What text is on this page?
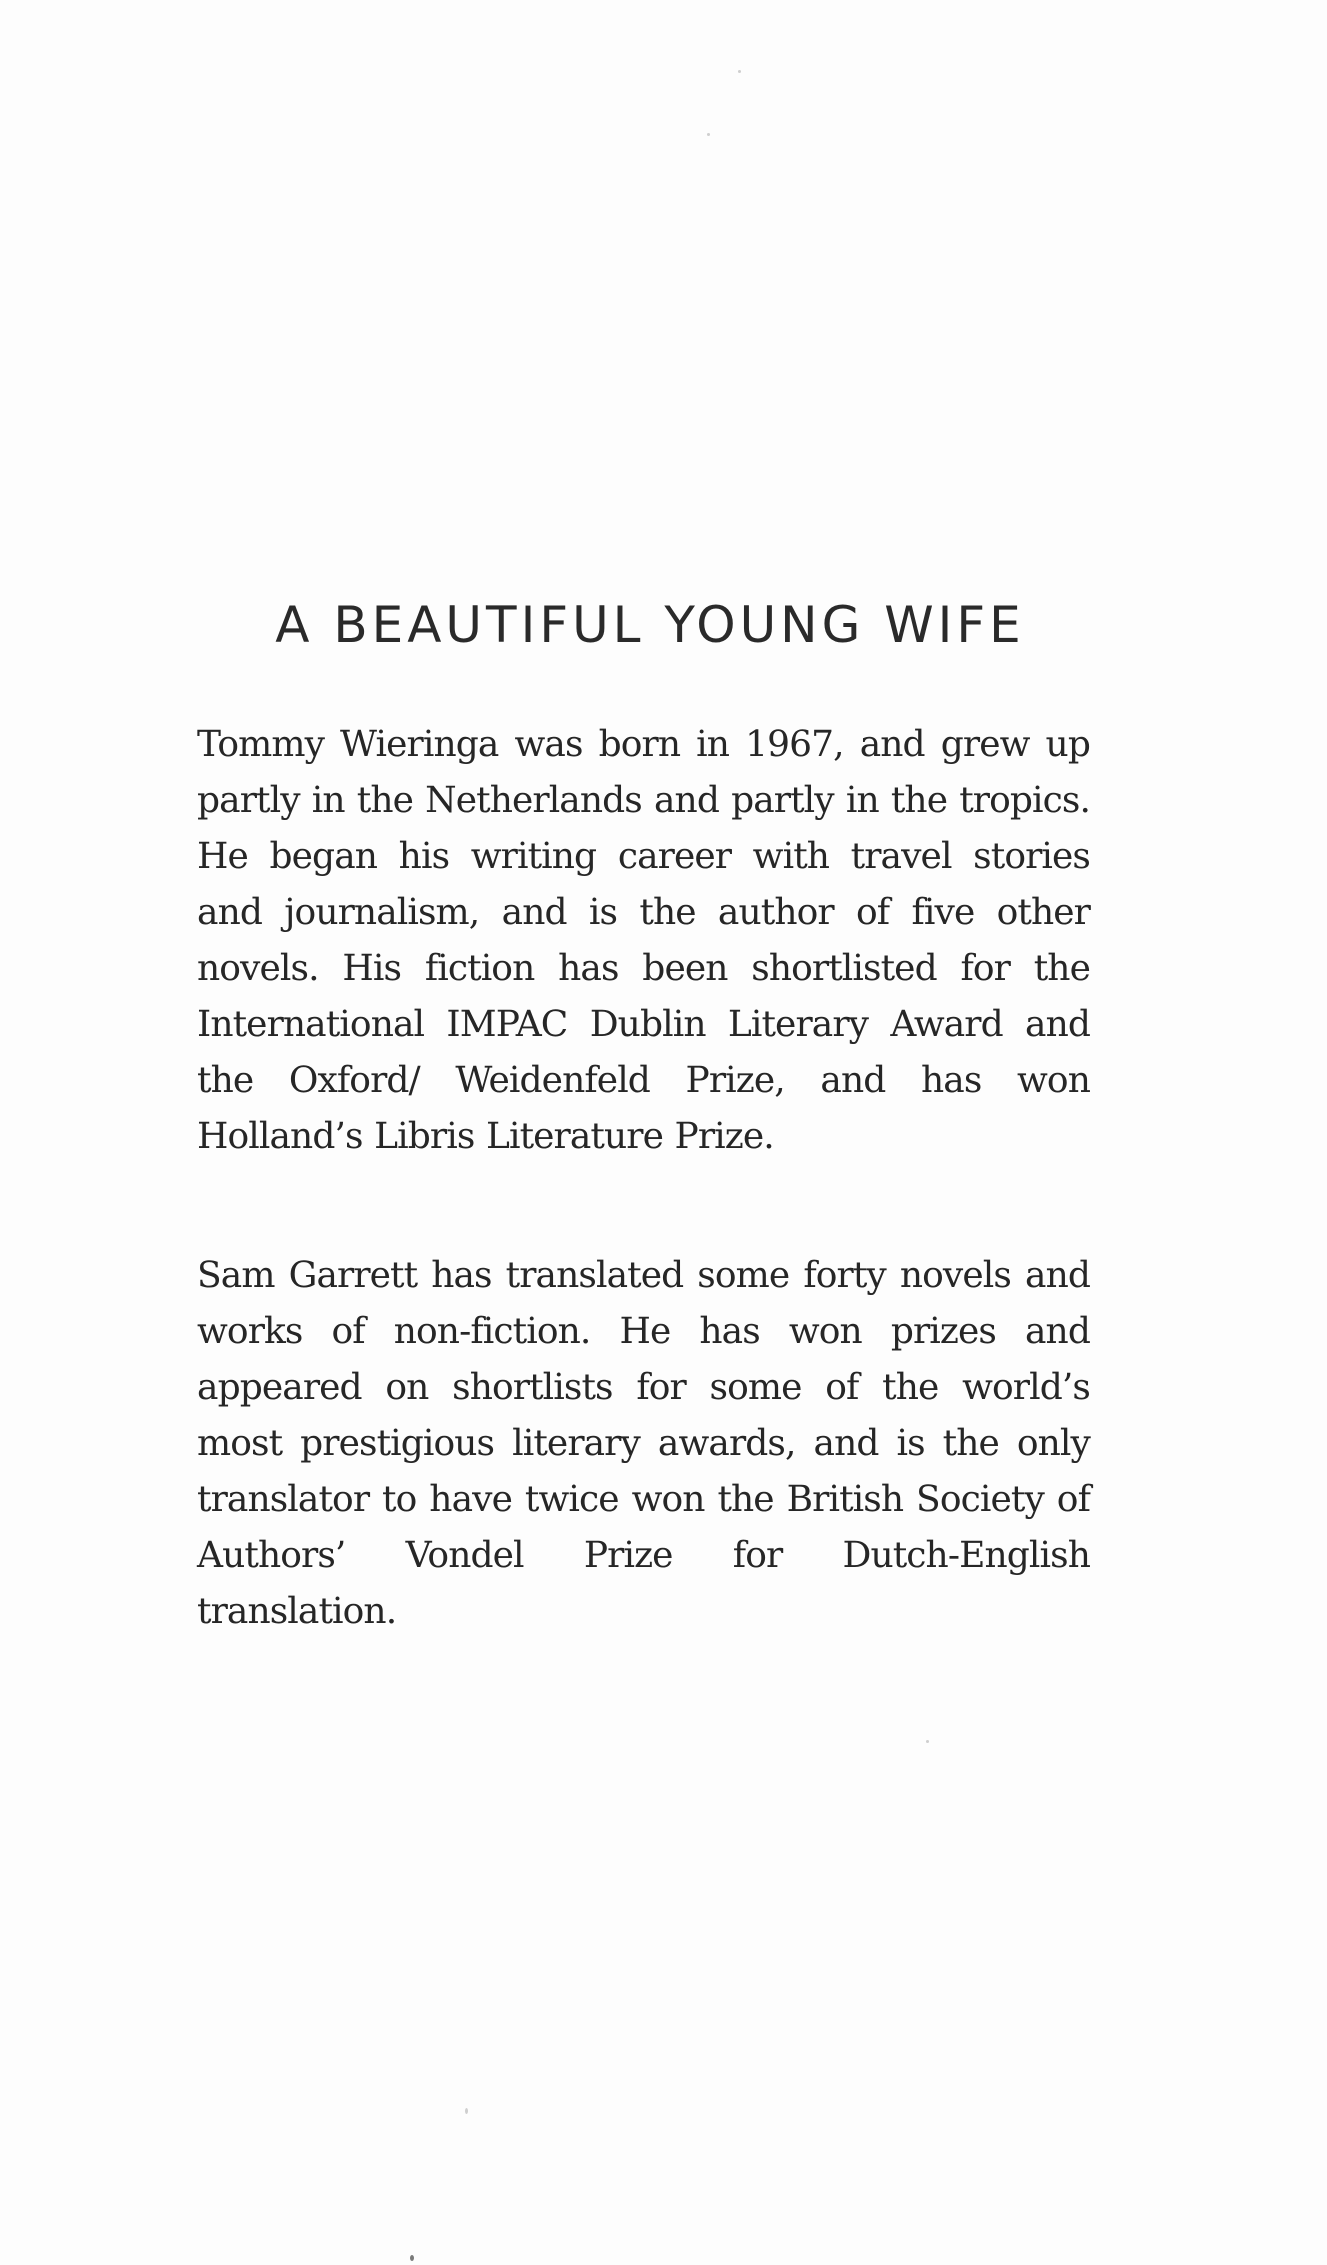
A BEAUTIFUL YOUNG WIFE

Tommy Wieringa was born in 1967, and grew up partly in the Netherlands and partly in the tropics. He began his writing career with travel stories and journalism, and is the author of five other novels. His fiction has been shortlisted for the International IMPAC Dublin Literary Award and the Oxford/ Weidenfeld Prize, and has won Holland’s Libris Literature Prize.

Sam Garrett has translated some forty novels and works of non-fiction. He has won prizes and appeared on shortlists for some of the world’s most prestigious literary awards, and is the only translator to have twice won the British Society of Authors’ Vondel Prize for Dutch-English translation.
